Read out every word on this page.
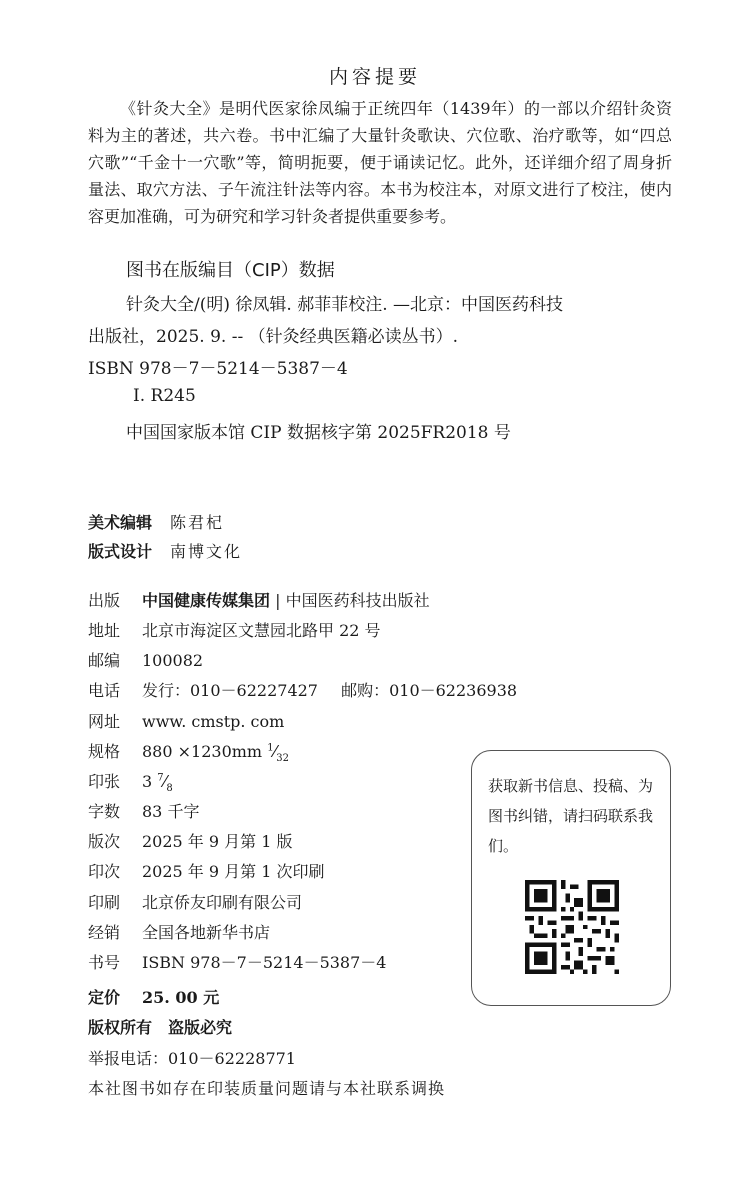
内容提要
《针灸大全》是明代医家徐凤编于正统四年（1439年）的一部以介绍针灸资料为主的著述，共六卷。书中汇编了大量针灸歌诀、穴位歌、治疗歌等，如“四总穴歌”“千金十一穴歌”等，简明扼要，便于诵读记忆。此外，还详细介绍了周身折量法、取穴方法、子午流注针法等内容。本书为校注本，对原文进行了校注，使内容更加准确，可为研究和学习针灸者提供重要参考。
图书在版编目（CIP）数据
针灸大全/(明) 徐凤辑. 郝菲菲校注. —北京：中国医药科技
出版社，2025. 9. -- （针灸经典医籍必读丛书）.
ISBN 978－7－5214－5387－4
Ⅰ. R245
中国国家版本馆 CIP 数据核字第 2025FR2018 号
美术编辑 陈君杞
版式设计 南博文化
出版 中国健康传媒集团 | 中国医药科技出版社
地址 北京市海淀区文慧园北路甲 22 号
邮编 100082
电话 发行：010－62227427 邮购：010－62236938
网址 www. cmstp. com
规格 880 ×1230mm $^1⁄_{32}$
印张 3 $^7⁄_8$
字数 83 千字
版次 2025 年 9 月第 1 版
印次 2025 年 9 月第 1 次印刷
印刷 北京侨友印刷有限公司
经销 全国各地新华书店
书号 ISBN 978－7－5214－5387－4
定价 25. 00 元
版权所有 盗版必究
举报电话：010－62228771
本社图书如存在印装质量问题请与本社联系调换
获取新书信息、投稿、为图书纠错，请扫码联系我们。
